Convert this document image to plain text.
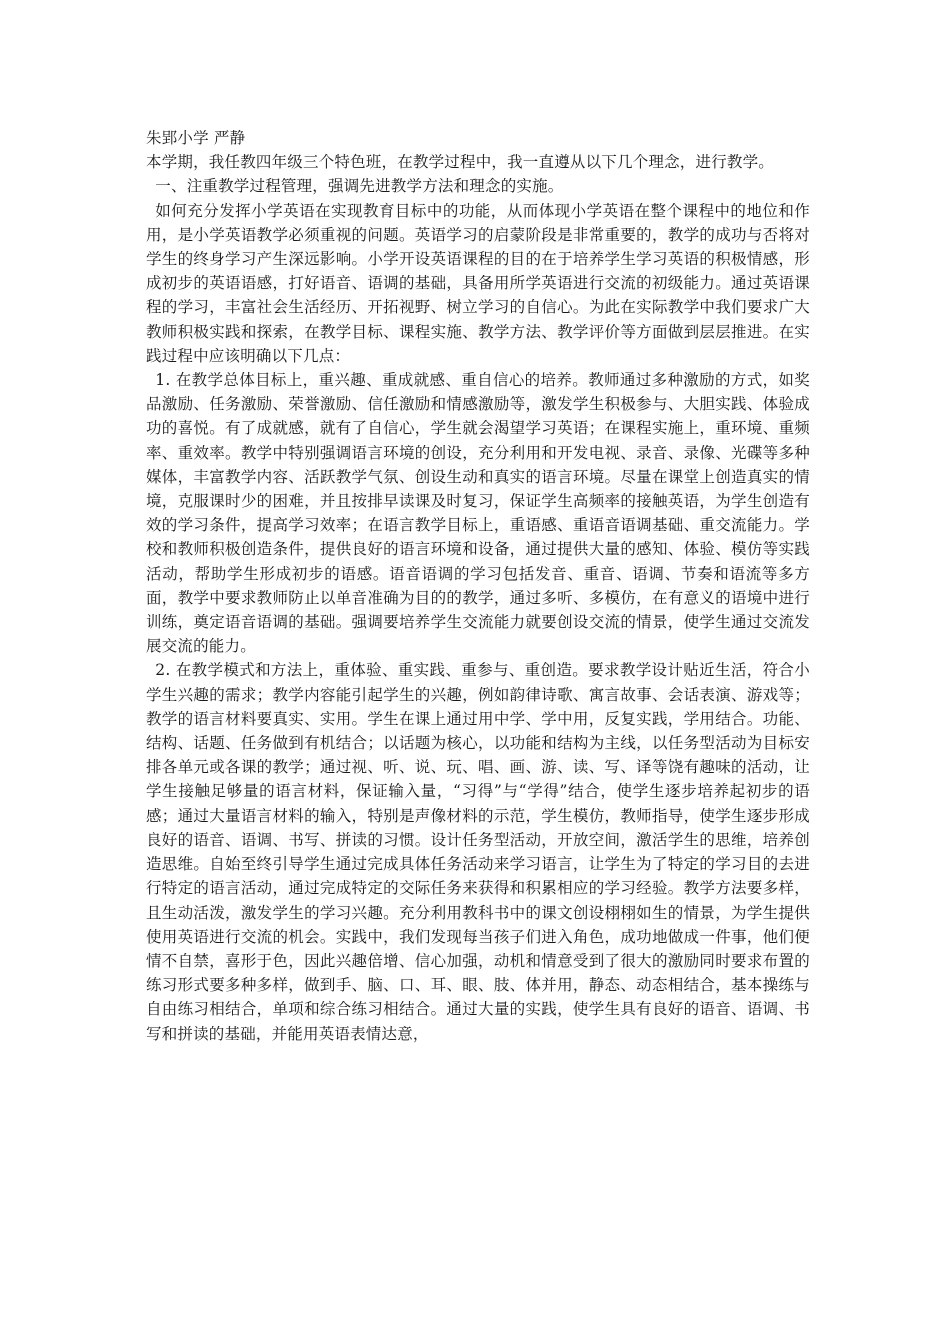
朱郢小学 严静

本学期，我任教四年级三个特色班，在教学过程中，我一直遵从以下几个理念，进行教学。

一、注重教学过程管理，强调先进教学方法和理念的实施。

如何充分发挥小学英语在实现教育目标中的功能，从而体现小学英语在整个课程中的地位和作用，是小学英语教学必须重视的问题。英语学习的启蒙阶段是非常重要的，教学的成功与否将对学生的终身学习产生深远影响。小学开设英语课程的目的在于培养学生学习英语的积极情感，形成初步的英语语感，打好语音、语调的基础，具备用所学英语进行交流的初级能力。通过英语课程的学习，丰富社会生活经历、开拓视野、树立学习的自信心。为此在实际教学中我们要求广大教师积极实践和探索，在教学目标、课程实施、教学方法、教学评价等方面做到层层推进。在实践过程中应该明确以下几点：

1. 在教学总体目标上，重兴趣、重成就感、重自信心的培养。教师通过多种激励的方式，如奖品激励、任务激励、荣誉激励、信任激励和情感激励等，激发学生积极参与、大胆实践、体验成功的喜悦。有了成就感，就有了自信心，学生就会渴望学习英语；在课程实施上，重环境、重频率、重效率。教学中特别强调语言环境的创设，充分利用和开发电视、录音、录像、光碟等多种媒体，丰富教学内容、活跃教学气氛、创设生动和真实的语言环境。尽量在课堂上创造真实的情境，克服课时少的困难，并且按排早读课及时复习，保证学生高频率的接触英语，为学生创造有效的学习条件，提高学习效率；在语言教学目标上，重语感、重语音语调基础、重交流能力。学校和教师积极创造条件，提供良好的语言环境和设备，通过提供大量的感知、体验、模仿等实践活动，帮助学生形成初步的语感。语音语调的学习包括发音、重音、语调、节奏和语流等多方面，教学中要求教师防止以单音准确为目的的教学，通过多听、多模仿，在有意义的语境中进行训练，奠定语音语调的基础。强调要培养学生交流能力就要创设交流的情景，使学生通过交流发展交流的能力。

2. 在教学模式和方法上，重体验、重实践、重参与、重创造。要求教学设计贴近生活，符合小学生兴趣的需求；教学内容能引起学生的兴趣，例如韵律诗歌、寓言故事、会话表演、游戏等；教学的语言材料要真实、实用。学生在课上通过用中学、学中用，反复实践，学用结合。功能、结构、话题、任务做到有机结合；以话题为核心，以功能和结构为主线，以任务型活动为目标安排各单元或各课的教学；通过视、听、说、玩、唱、画、游、读、写、译等饶有趣味的活动，让学生接触足够量的语言材料，保证输入量，“习得”与“学得”结合，使学生逐步培养起初步的语感；通过大量语言材料的输入，特别是声像材料的示范，学生模仿，教师指导，使学生逐步形成良好的语音、语调、书写、拼读的习惯。设计任务型活动，开放空间，激活学生的思维，培养创造思维。自始至终引导学生通过完成具体任务活动来学习语言，让学生为了特定的学习目的去进行特定的语言活动，通过完成特定的交际任务来获得和积累相应的学习经验。教学方法要多样，且生动活泼，激发学生的学习兴趣。充分利用教科书中的课文创设栩栩如生的情景，为学生提供使用英语进行交流的机会。实践中，我们发现每当孩子们进入角色，成功地做成一件事，他们便情不自禁，喜形于色，因此兴趣倍增、信心加强，动机和情意受到了很大的激励同时要求布置的练习形式要多种多样，做到手、脑、口、耳、眼、肢、体并用，静态、动态相结合，基本操练与自由练习相结合，单项和综合练习相结合。通过大量的实践，使学生具有良好的语音、语调、书写和拼读的基础，并能用英语表情达意，
